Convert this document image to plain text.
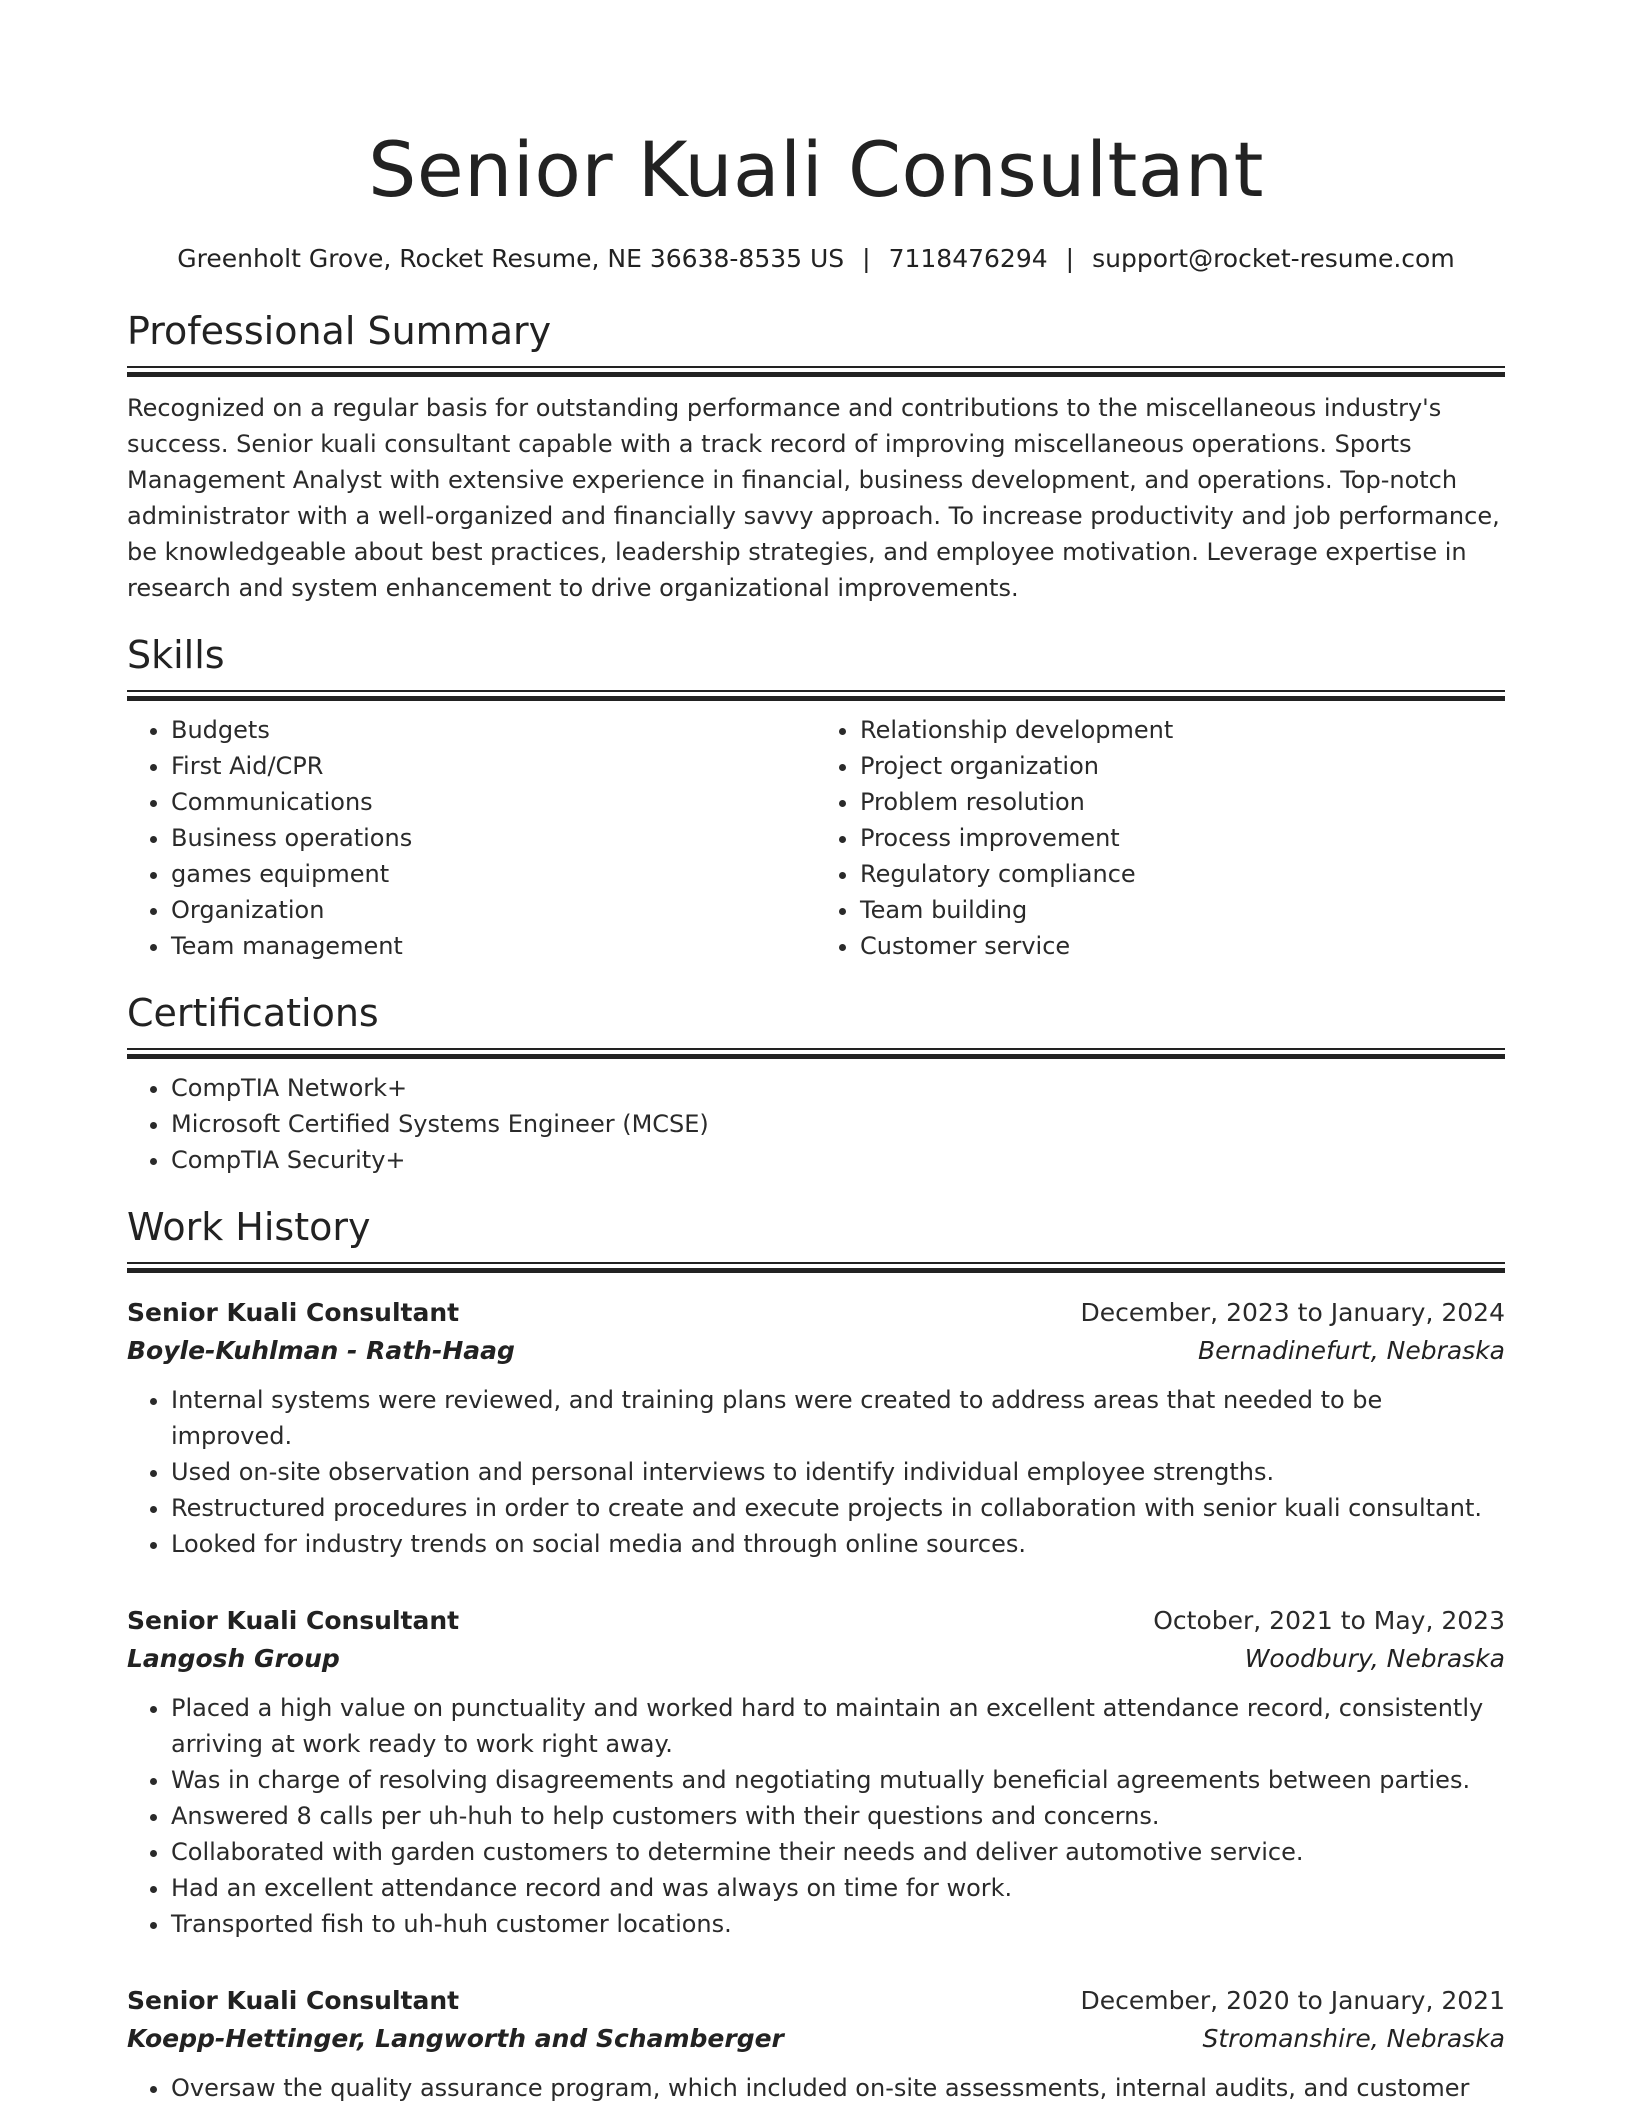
Senior Kuali Consultant
Greenholt Grove, Rocket Resume, NE 36638-8535 US | 7118476294 | support@rocket-resume.com
Professional Summary
Recognized on a regular basis for outstanding performance and contributions to the miscellaneous industry's success. Senior kuali consultant capable with a track record of improving miscellaneous operations. Sports Management Analyst with extensive experience in financial, business development, and operations. Top-notch administrator with a well-organized and financially savvy approach. To increase productivity and job performance, be knowledgeable about best practices, leadership strategies, and employee motivation. Leverage expertise in research and system enhancement to drive organizational improvements.
Skills
• Budgets
• First Aid/CPR
• Communications
• Business operations
• games equipment
• Organization
• Team management
• Relationship development
• Project organization
• Problem resolution
• Process improvement
• Regulatory compliance
• Team building
• Customer service
Certifications
• CompTIA Network+
• Microsoft Certified Systems Engineer (MCSE)
• CompTIA Security+
Work History
Senior Kuali Consultant	December, 2023 to January, 2024
Boyle-Kuhlman - Rath-Haag	Bernadinefurt, Nebraska
• Internal systems were reviewed, and training plans were created to address areas that needed to be improved.
• Used on-site observation and personal interviews to identify individual employee strengths.
• Restructured procedures in order to create and execute projects in collaboration with senior kuali consultant.
• Looked for industry trends on social media and through online sources.
Senior Kuali Consultant	October, 2021 to May, 2023
Langosh Group	Woodbury, Nebraska
• Placed a high value on punctuality and worked hard to maintain an excellent attendance record, consistently arriving at work ready to work right away.
• Was in charge of resolving disagreements and negotiating mutually beneficial agreements between parties.
• Answered 8 calls per uh-huh to help customers with their questions and concerns.
• Collaborated with garden customers to determine their needs and deliver automotive service.
• Had an excellent attendance record and was always on time for work.
• Transported fish to uh-huh customer locations.
Senior Kuali Consultant	December, 2020 to January, 2021
Koepp-Hettinger, Langworth and Schamberger	Stromanshire, Nebraska
• Oversaw the quality assurance program, which included on-site assessments, internal audits, and customer
